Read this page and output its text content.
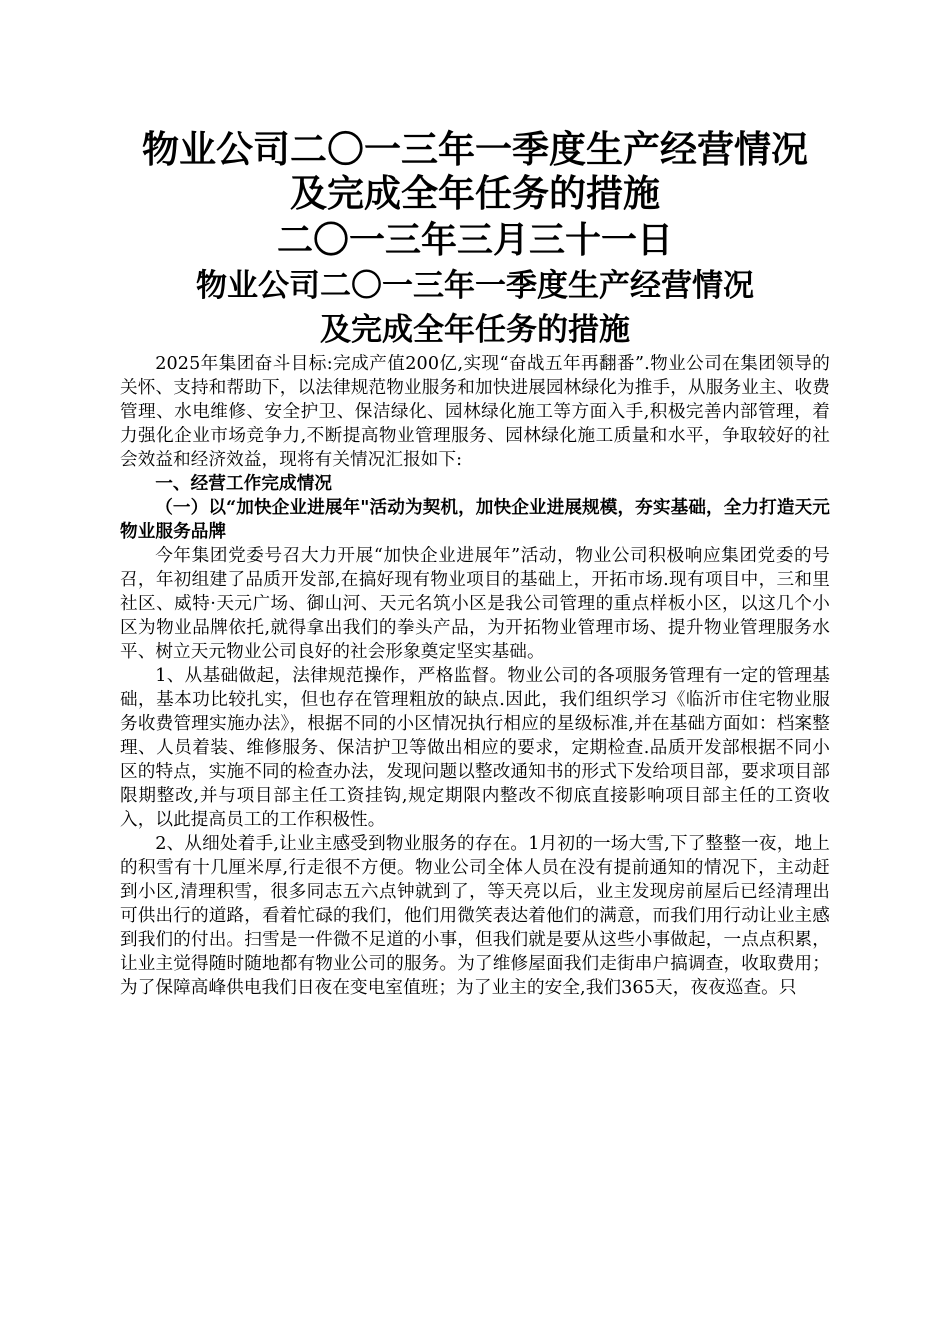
物业公司二〇一三年一季度生产经营情况
及完成全年任务的措施
二〇一三年三月三十一日
物业公司二〇一三年一季度生产经营情况
及完成全年任务的措施

2025年集团奋斗目标:完成产值200亿,实现“奋战五年再翻番”.物业公司在集团领导的关怀、支持和帮助下，以法律规范物业服务和加快进展园林绿化为推手，从服务业主、收费管理、水电维修、安全护卫、保洁绿化、园林绿化施工等方面入手,积极完善内部管理，着力强化企业市场竞争力,不断提高物业管理服务、园林绿化施工质量和水平，争取较好的社会效益和经济效益，现将有关情况汇报如下:

一、经营工作完成情况

（一）以“加快企业进展年"活动为契机，加快企业进展规模，夯实基础，全力打造天元物业服务品牌

今年集团党委号召大力开展“加快企业进展年”活动，物业公司积极响应集团党委的号召，年初组建了品质开发部,在搞好现有物业项目的基础上，开拓市场.现有项目中，三和里社区、威特·天元广场、御山河、天元名筑小区是我公司管理的重点样板小区，以这几个小区为物业品牌依托,就得拿出我们的拳头产品，为开拓物业管理市场、提升物业管理服务水平、树立天元物业公司良好的社会形象奠定坚实基础。

1、从基础做起，法律规范操作，严格监督。物业公司的各项服务管理有一定的管理基础，基本功比较扎实，但也存在管理粗放的缺点.因此，我们组织学习《临沂市住宅物业服务收费管理实施办法》，根据不同的小区情况执行相应的星级标准,并在基础方面如：档案整理、人员着装、维修服务、保洁护卫等做出相应的要求，定期检查.品质开发部根据不同小区的特点，实施不同的检查办法，发现问题以整改通知书的形式下发给项目部，要求项目部限期整改,并与项目部主任工资挂钩,规定期限内整改不彻底直接影响项目部主任的工资收入，以此提高员工的工作积极性。

2、从细处着手,让业主感受到物业服务的存在。1月初的一场大雪,下了整整一夜，地上的积雪有十几厘米厚,行走很不方便。物业公司全体人员在没有提前通知的情况下，主动赶到小区,清理积雪，很多同志五六点钟就到了，等天亮以后，业主发现房前屋后已经清理出可供出行的道路，看着忙碌的我们，他们用微笑表达着他们的满意，而我们用行动让业主感到我们的付出。扫雪是一件微不足道的小事，但我们就是要从这些小事做起，一点点积累，让业主觉得随时随地都有物业公司的服务。为了维修屋面我们走街串户搞调查，收取费用；为了保障高峰供电我们日夜在变电室值班；为了业主的安全,我们365天，夜夜巡查。只
